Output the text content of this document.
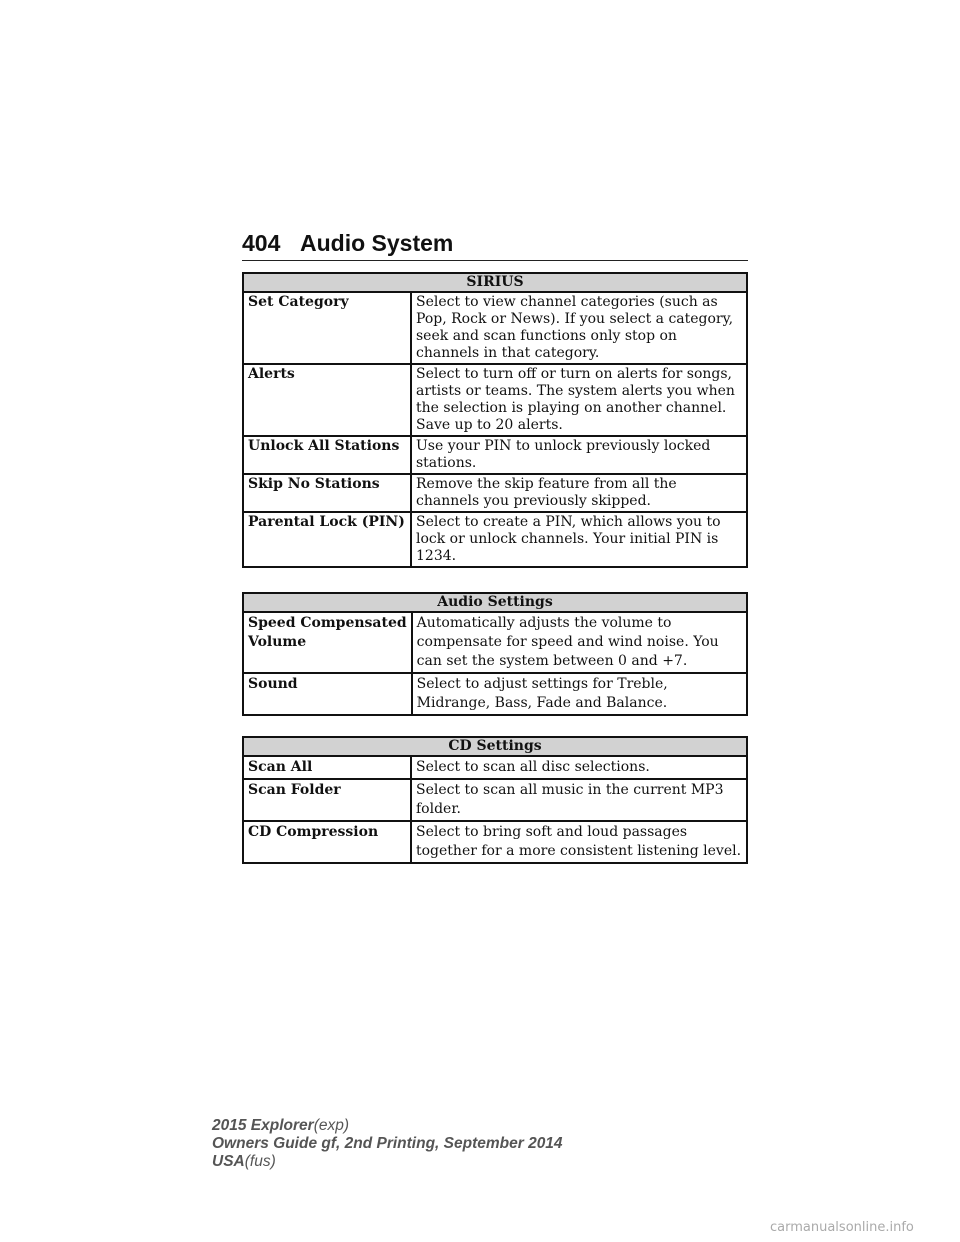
404 Audio System
SIRIUS	
Set Category	Select to view channel categories (such as Pop, Rock or News). If you select a category, seek and scan functions only stop on channels in that category.
Alerts	Select to turn off or turn on alerts for songs, artists or teams. The system alerts you when the selection is playing on another channel. Save up to 20 alerts.
Unlock All Stations	Use your PIN to unlock previously locked stations.
Skip No Stations	Remove the skip feature from all the channels you previously skipped.
Parental Lock (PIN)	Select to create a PIN, which allows you to lock or unlock channels. Your initial PIN is 1234.
Audio Settings	
Speed Compensated
Volume	Automatically adjusts the volume to compensate for speed and wind noise. You can set the system between 0 and +7.
Sound	Select to adjust settings for Treble, Midrange, Bass, Fade and Balance.
CD Settings	
Scan All	Select to scan all disc selections.
Scan Folder	Select to scan all music in the current MP3 folder.
CD Compression	Select to bring soft and loud passages together for a more consistent listening level.
2015 Explorer(exp)
Owners Guide gf, 2nd Printing, September 2014
USA(fus)
carmanualsonline.info
